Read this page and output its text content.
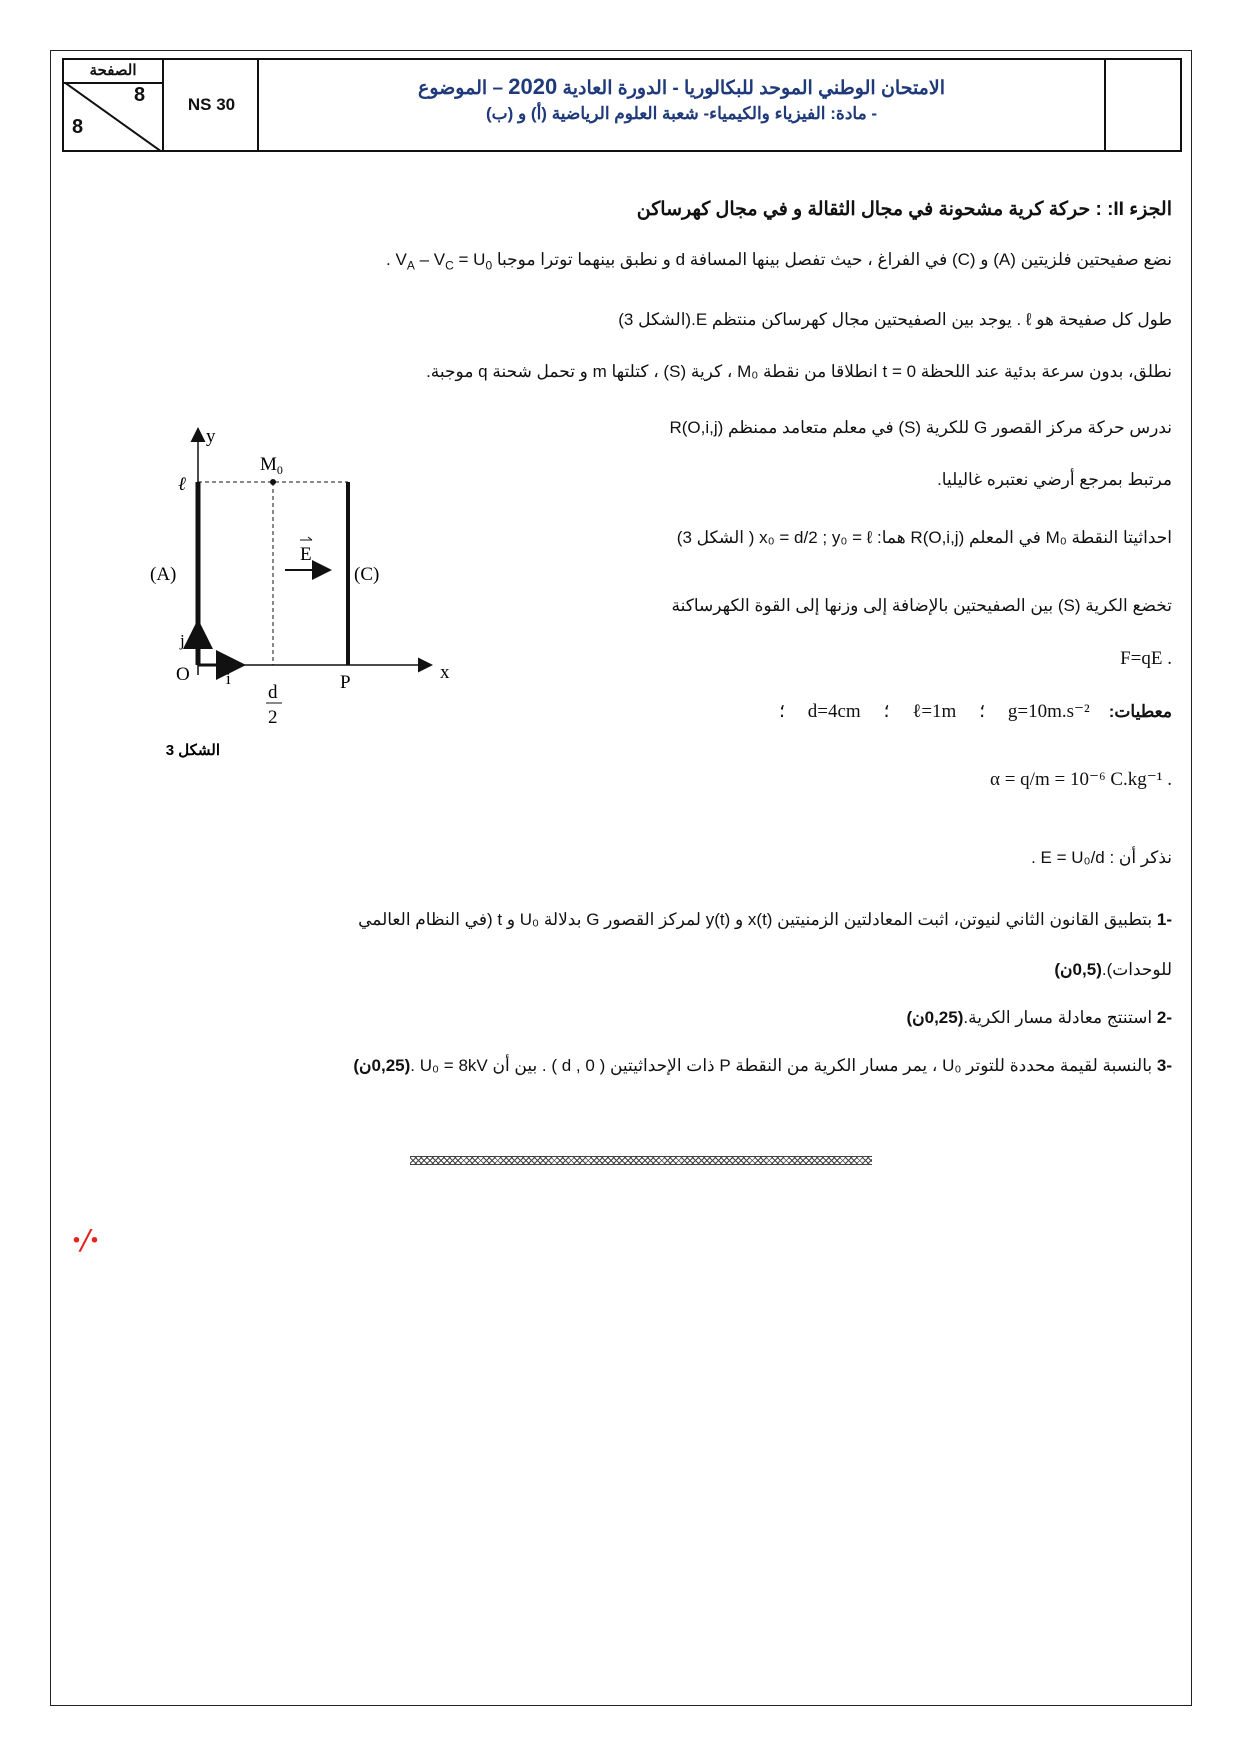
الصفحة
8
8
NS 30
الامتحان الوطني الموحد للبكالوريا - الدورة العادية 2020 – الموضوع
- مادة: الفيزياء والكيمياء- شعبة العلوم الرياضية (أ) و (ب)
الجزء II: : حركة كرية مشحونة في مجال الثقالة و في مجال كهرساكن
نضع صفيحتين فلزيتين (A) و (C) في الفراغ ، حيث تفصل بينها المسافة d و نطبق بينهما توترا موجبا $V_A - V_C = U_0$ .
طول كل صفيحة هو ℓ . يوجد بين الصفيحتين مجال كهرساكن منتظم E.(الشكل 3)
نطلق، بدون سرعة بدئية عند اللحظة t = 0 انطلاقا من نقطة M₀ ، كرية (S) ، كتلتها m و تحمل شحنة q موجبة.
ندرس حركة مركز القصور G للكرية (S) في معلم متعامد ممنظم R(O,i,j)
مرتبط بمرجع أرضي نعتبره غاليليا.
احداثيتا النقطة M₀ في المعلم R(O,i,j) هما: x₀ = d/2 ; y₀ = ℓ ( الشكل 3)
تخضع الكرية (S) بين الصفيحتين بالإضافة إلى وزنها إلى القوة الكهرساكنة
. F=qE
معطيات:    g=10m.s⁻² ؛ ℓ=1m ؛ d=4cm ؛
. α = q/m = 10⁻⁶ C.kg⁻¹
نذكر أن : E = U₀/d .
-1 بتطبيق القانون الثاني لنيوتن، اثبت المعادلتين الزمنيتين x(t) و y(t) لمركز القصور G بدلالة U₀ و t (في النظام العالمي
للوحدات).(0,5ن)
-2 استنتج معادلة مسار الكرية.(0,25ن)
-3 بالنسبة لقيمة محددة للتوتر U₀ ، يمر مسار الكرية من النقطة P ذات الإحداثيتين ( d , 0 ) . بين أن U₀ = 8kV .(0,25ن)
·/·
y
x
O i
j
(A)	(C)
E
$M_0$
P
ℓ
d
2
الشكل 3
